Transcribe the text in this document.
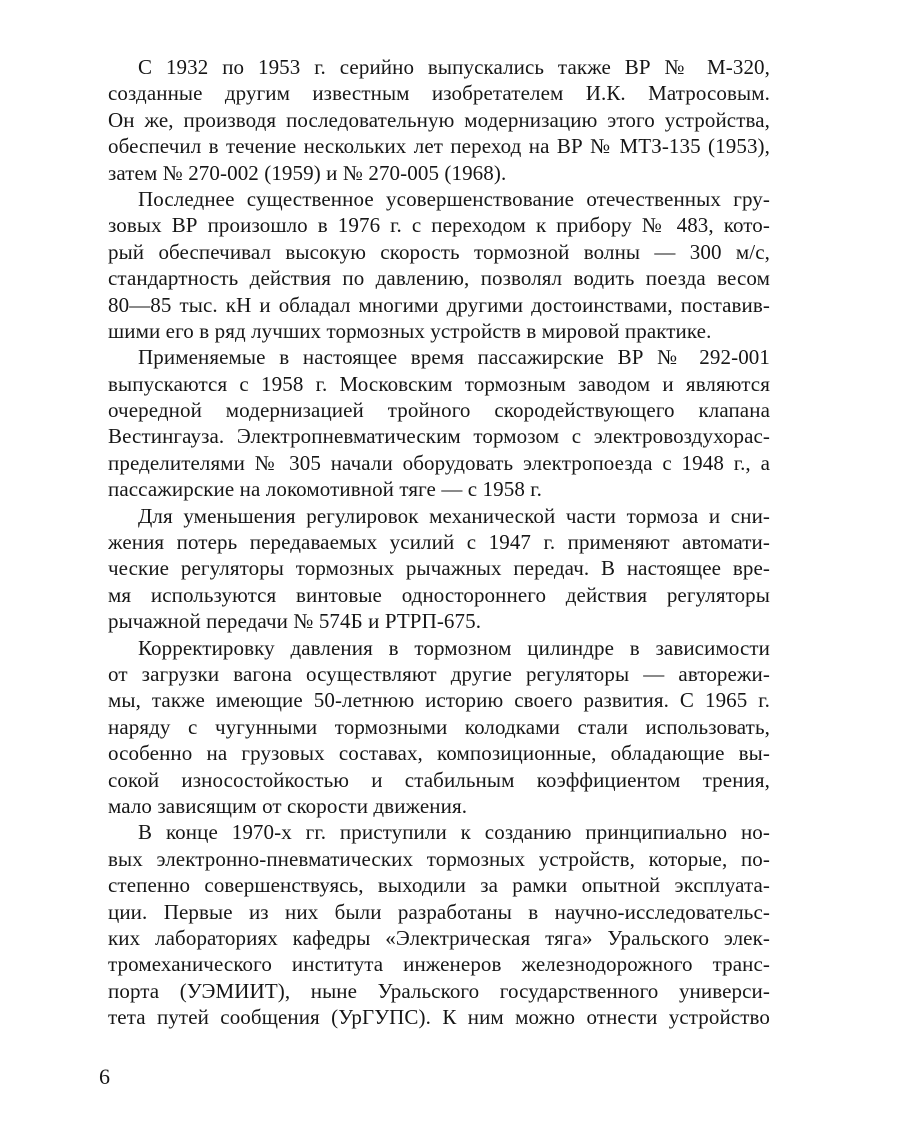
С 1932 по 1953 г. серийно выпускались также ВР № М-320,
созданные другим известным изобретателем И.К. Матросовым.
Он же, производя последовательную модернизацию этого устройства,
обеспечил в течение нескольких лет переход на ВР № МТЗ-135 (1953),
затем № 270-002 (1959) и № 270-005 (1968).
Последнее существенное усовершенствование отечественных гру-
зовых ВР произошло в 1976 г. с переходом к прибору № 483, кото-
рый обеспечивал высокую скорость тормозной волны — 300 м/с,
стандартность действия по давлению, позволял водить поезда весом
80—85 тыс. кН и обладал многими другими достоинствами, поставив-
шими его в ряд лучших тормозных устройств в мировой практике.
Применяемые в настоящее время пассажирские ВР № 292-001
выпускаются с 1958 г. Московским тормозным заводом и являются
очередной модернизацией тройного скородействующего клапана
Вестингауза. Электропневматическим тормозом с электровоздухорас-
пределителями № 305 начали оборудовать электропоезда с 1948 г., а
пассажирские на локомотивной тяге — с 1958 г.
Для уменьшения регулировок механической части тормоза и сни-
жения потерь передаваемых усилий с 1947 г. применяют автомати-
ческие регуляторы тормозных рычажных передач. В настоящее вре-
мя используются винтовые одностороннего действия регуляторы
рычажной передачи № 574Б и РТРП-675.
Корректировку давления в тормозном цилиндре в зависимости
от загрузки вагона осуществляют другие регуляторы — авторежи-
мы, также имеющие 50-летнюю историю своего развития. С 1965 г.
наряду с чугунными тормозными колодками стали использовать,
особенно на грузовых составах, композиционные, обладающие вы-
сокой износостойкостью и стабильным коэффициентом трения,
мало зависящим от скорости движения.
В конце 1970-х гг. приступили к созданию принципиально но-
вых электронно-пневматических тормозных устройств, которые, по-
степенно совершенствуясь, выходили за рамки опытной эксплуата-
ции. Первые из них были разработаны в научно-исследовательс-
ких лабораториях кафедры «Электрическая тяга» Уральского элек-
тромеханического института инженеров железнодорожного транс-
порта (УЭМИИТ), ныне Уральского государственного универси-
тета путей сообщения (УрГУПС). К ним можно отнести устройство
6
